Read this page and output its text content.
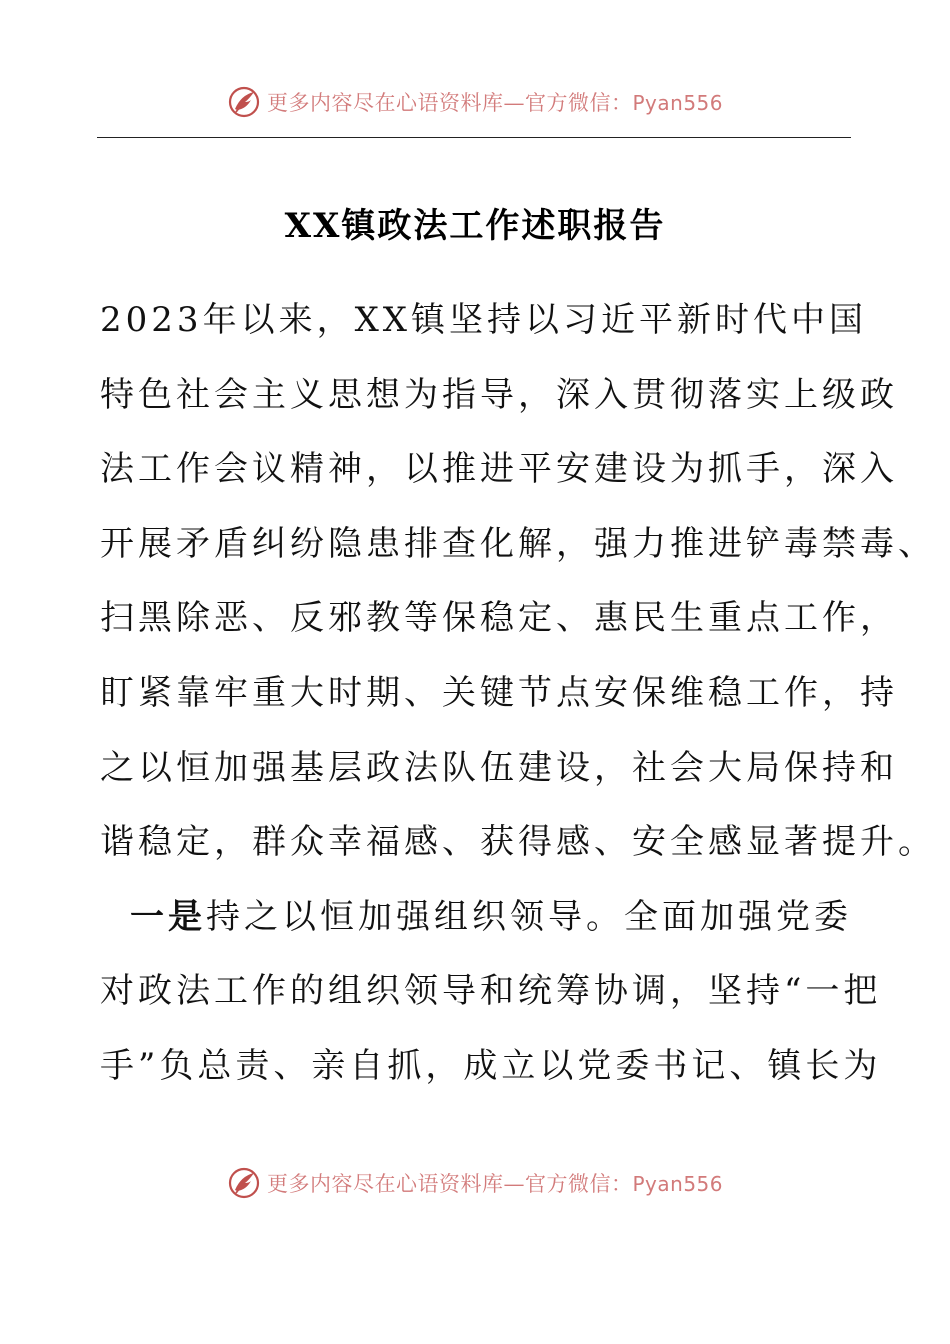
更多内容尽在心语资料库—官方微信：Pyan556
XX镇政法工作述职报告
2 0 2 3 年 以 来 ， X X 镇 坚 持 以 习 近 平 新 时 代 中 国
特 色 社 会 主 义 思 想 为 指 导 ， 深 入 贯 彻 落 实 上 级 政
法 工 作 会 议 精 神 ， 以 推 进 平 安 建 设 为 抓 手 ， 深 入
开 展 矛 盾 纠 纷 隐 患 排 查 化 解 ， 强 力 推 进 铲 毒 禁 毒 、
扫 黑 除 恶 、 反 邪 教 等 保 稳 定 、 惠 民 生 重 点 工 作 ，
盯 紧 靠 牢 重 大 时 期 、 关 键 节 点 安 保 维 稳 工 作 ， 持
之 以 恒 加 强 基 层 政 法 队 伍 建 设 ， 社 会 大 局 保 持 和
谐 稳 定 ， 群 众 幸 福 感 、 获 得 感 、 安 全 感 显 著 提 升 。
一 是 持 之 以 恒 加 强 组 织 领 导 。 全 面 加 强 党 委
对 政 法 工 作 的 组 织 领 导 和 统 筹 协 调 ， 坚 持 “ 一 把
手 ” 负 总 责 、 亲 自 抓 ， 成 立 以 党 委 书 记 、 镇 长 为
更多内容尽在心语资料库—官方微信：Pyan556
